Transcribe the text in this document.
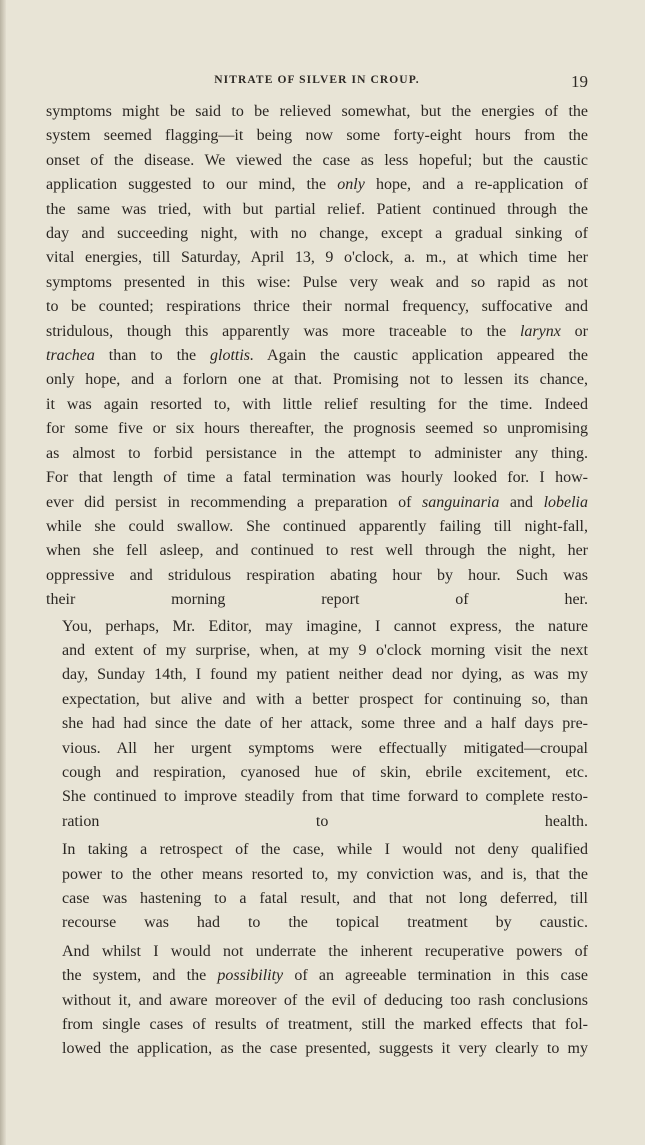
NITRATE OF SILVER IN CROUP.	19
symptoms might be said to be relieved somewhat, but the energies of the
system seemed flagging—it being now some forty-eight hours from the
onset of the disease. We viewed the case as less hopeful; but the caustic
application suggested to our mind, the only hope, and a re-application of
the same was tried, with but partial relief. Patient continued through the
day and succeeding night, with no change, except a gradual sinking of
vital energies, till Saturday, April 13, 9 o'clock, a. m., at which time her
symptoms presented in this wise: Pulse very weak and so rapid as not
to be counted; respirations thrice their normal frequency, suffocative and
stridulous, though this apparently was more traceable to the larynx or
trachea than to the glottis. Again the caustic application appeared the
only hope, and a forlorn one at that. Promising not to lessen its chance,
it was again resorted to, with little relief resulting for the time. Indeed
for some five or six hours thereafter, the prognosis seemed so unpromising
as almost to forbid persistance in the attempt to administer any thing.
For that length of time a fatal termination was hourly looked for. I how-
ever did persist in recommending a preparation of sanguinaria and lobelia
while she could swallow. She continued apparently failing till night-fall,
when she fell asleep, and continued to rest well through the night, her
oppressive and stridulous respiration abating hour by hour. Such was
their morning report of her.
You, perhaps, Mr. Editor, may imagine, I cannot express, the nature
and extent of my surprise, when, at my 9 o'clock morning visit the next
day, Sunday 14th, I found my patient neither dead nor dying, as was my
expectation, but alive and with a better prospect for continuing so, than
she had had since the date of her attack, some three and a half days pre-
vious. All her urgent symptoms were effectually mitigated—croupal
cough and respiration, cyanosed hue of skin, ebrile excitement, etc.
She continued to improve steadily from that time forward to complete resto-
ration to health.
In taking a retrospect of the case, while I would not deny qualified
power to the other means resorted to, my conviction was, and is, that the
case was hastening to a fatal result, and that not long deferred, till
recourse was had to the topical treatment by caustic.
And whilst I would not underrate the inherent recuperative powers of
the system, and the possibility of an agreeable termination in this case
without it, and aware moreover of the evil of deducing too rash conclusions
from single cases of results of treatment, still the marked effects that fol-
lowed the application, as the case presented, suggests it very clearly to my
